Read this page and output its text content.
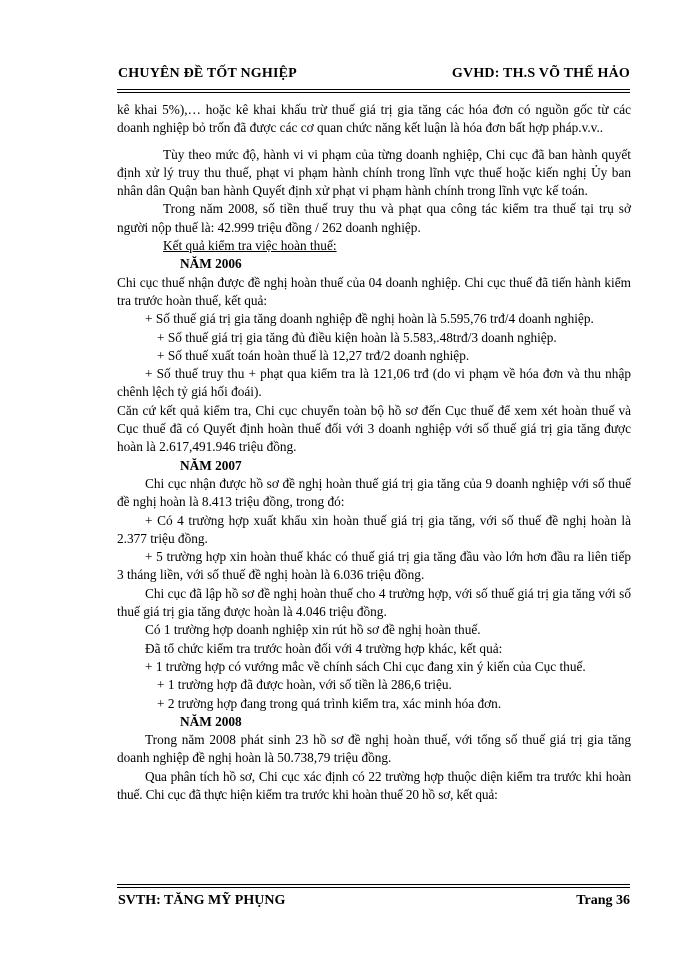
CHUYÊN ĐỀ TỐT NGHIỆP	GVHD: TH.S VÕ THẾ HẢO

kê khai 5%),… hoặc kê khai khấu trừ thuế giá trị gia tăng các hóa đơn có nguồn gốc từ các doanh nghiệp bỏ trốn đã được các cơ quan chức năng kết luận là hóa đơn bất hợp pháp.v.v..

Tùy theo mức độ, hành vi vi phạm của từng doanh nghiệp, Chi cục đã ban hành quyết định xử lý truy thu thuế, phạt vi phạm hành chính trong lĩnh vực thuế hoặc kiến nghị Ủy ban nhân dân Quận ban hành Quyết định xử phạt vi phạm hành chính trong lĩnh vực kế toán.

Trong năm 2008, số tiền thuế truy thu và phạt qua công tác kiểm tra thuế tại trụ sở người nộp thuế là: 42.999 triệu đồng / 262 doanh nghiệp.

Kết quả kiểm tra việc hoàn thuế:

NĂM 2006

Chi cục thuế nhận được đề nghị hoàn thuế của 04 doanh nghiệp. Chi cục thuế đã tiến hành kiểm tra trước hoàn thuế, kết quả:

+ Số thuế giá trị gia tăng doanh nghiệp đề nghị hoàn là 5.595,76 trđ/4 doanh nghiệp.

+ Số thuế giá trị gia tăng đủ điều kiện hoàn là 5.583,.48trđ/3 doanh nghiệp.

+ Số thuế xuất toán hoàn thuế là 12,27 trđ/2 doanh nghiệp.

+ Số thuế truy thu + phạt qua kiểm tra là 121,06 trđ (do vi phạm về hóa đơn và thu nhập chênh lệch tỷ giá hối đoái).

Căn cứ kết quả kiểm tra, Chi cục chuyển toàn bộ hồ sơ đến Cục thuế để xem xét hoàn thuế và Cục thuế đã có Quyết định hoàn thuế đối với 3 doanh nghiệp với số thuế giá trị gia tăng được hoàn là 2.617,491.946 triệu đồng.

NĂM 2007

Chi cục nhận được hồ sơ đề nghị hoàn thuế giá trị gia tăng của 9 doanh nghiệp với số thuế đề nghị hoàn là 8.413 triệu đồng, trong đó:

+ Có 4 trường hợp xuất khẩu xin hoàn thuế giá trị gia tăng, với số thuế đề nghị hoàn là 2.377 triệu đồng.

+ 5 trường hợp xin hoàn thuế khác có thuế giá trị gia tăng đầu vào lớn hơn đầu ra liên tiếp 3 tháng liền, với số thuế đề nghị hoàn là 6.036 triệu đồng.

Chi cục đã lập hồ sơ đề nghị hoàn thuế cho 4 trường hợp, với số thuế giá trị gia tăng với số thuế giá trị gia tăng được hoàn là 4.046 triệu đồng.

Có 1 trường hợp doanh nghiệp xin rút hồ sơ đề nghị hoàn thuế.

Đã tổ chức kiểm tra trước hoàn đối với 4 trường hợp khác, kết quả:

+ 1 trường hợp có vướng mắc về chính sách Chi cục đang xin ý kiến của Cục thuế.

+ 1 trường hợp đã được hoàn, với số tiền là 286,6 triệu.

+ 2 trường hợp đang trong quá trình kiểm tra, xác minh hóa đơn.

NĂM 2008

Trong năm 2008 phát sinh 23 hồ sơ đề nghị hoàn thuế, với tổng số thuế giá trị gia tăng doanh nghiệp đề nghị hoàn là 50.738,79 triệu đồng.

Qua phân tích hồ sơ, Chi cục xác định có 22 trường hợp thuộc diện kiểm tra trước khi hoàn thuế. Chi cục đã thực hiện kiểm tra trước khi hoàn thuế 20 hồ sơ, kết quả:

SVTH: TĂNG MỸ PHỤNG	Trang 36
